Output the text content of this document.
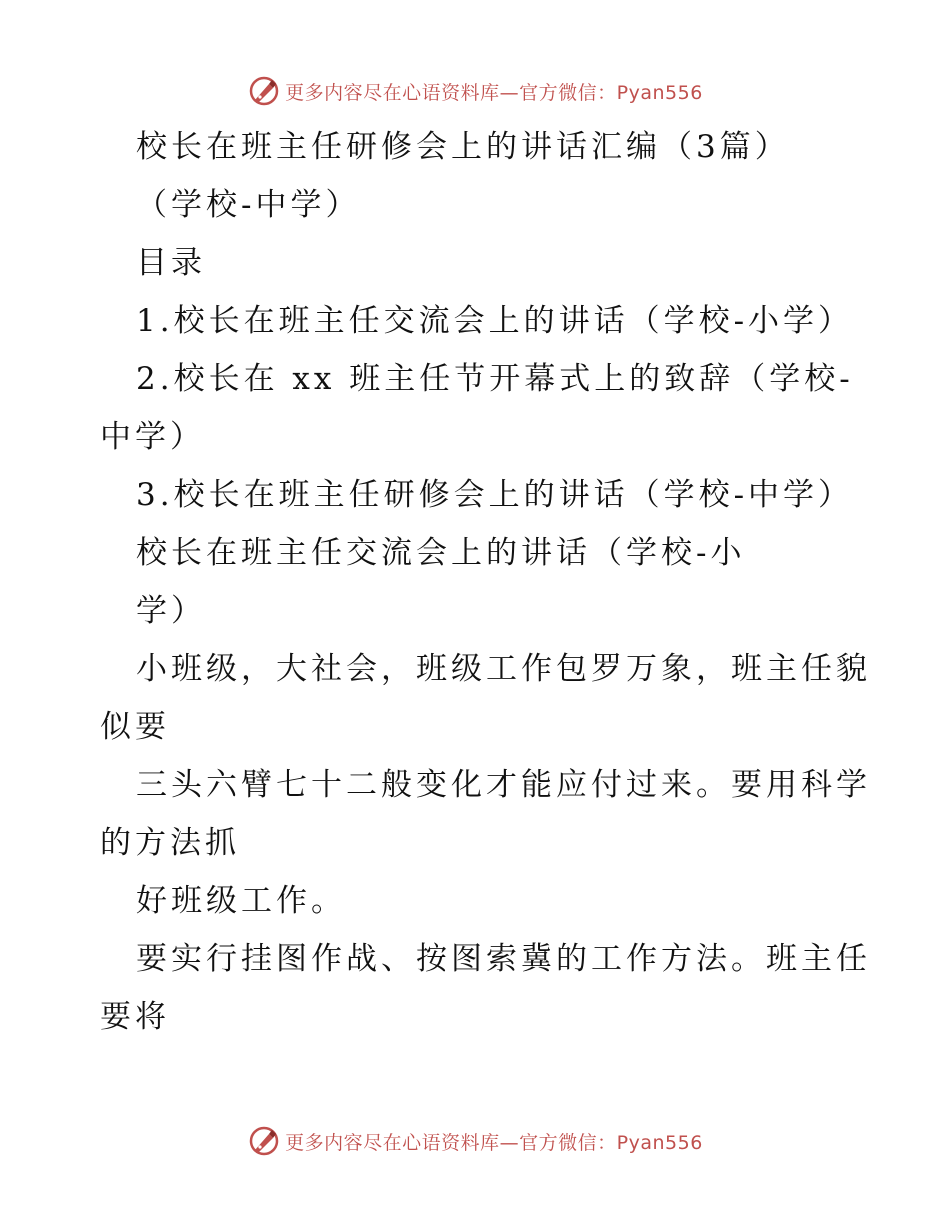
更多内容尽在心语资料库—官方微信：Pyan556
校长在班主任研修会上的讲话汇编（3篇）
（学校-中学）
目录
1.校长在班主任交流会上的讲话（学校-小学）
2.校长在 xx 班主任节开幕式上的致辞（学校-
中学）
3.校长在班主任研修会上的讲话（学校-中学）
校长在班主任交流会上的讲话（学校-小
学）
小班级，大社会，班级工作包罗万象，班主任貌
似要
三头六臂七十二般变化才能应付过来。要用科学
的方法抓
好班级工作。
要实行挂图作战、按图索冀的工作方法。班主任
要将
更多内容尽在心语资料库—官方微信：Pyan556
